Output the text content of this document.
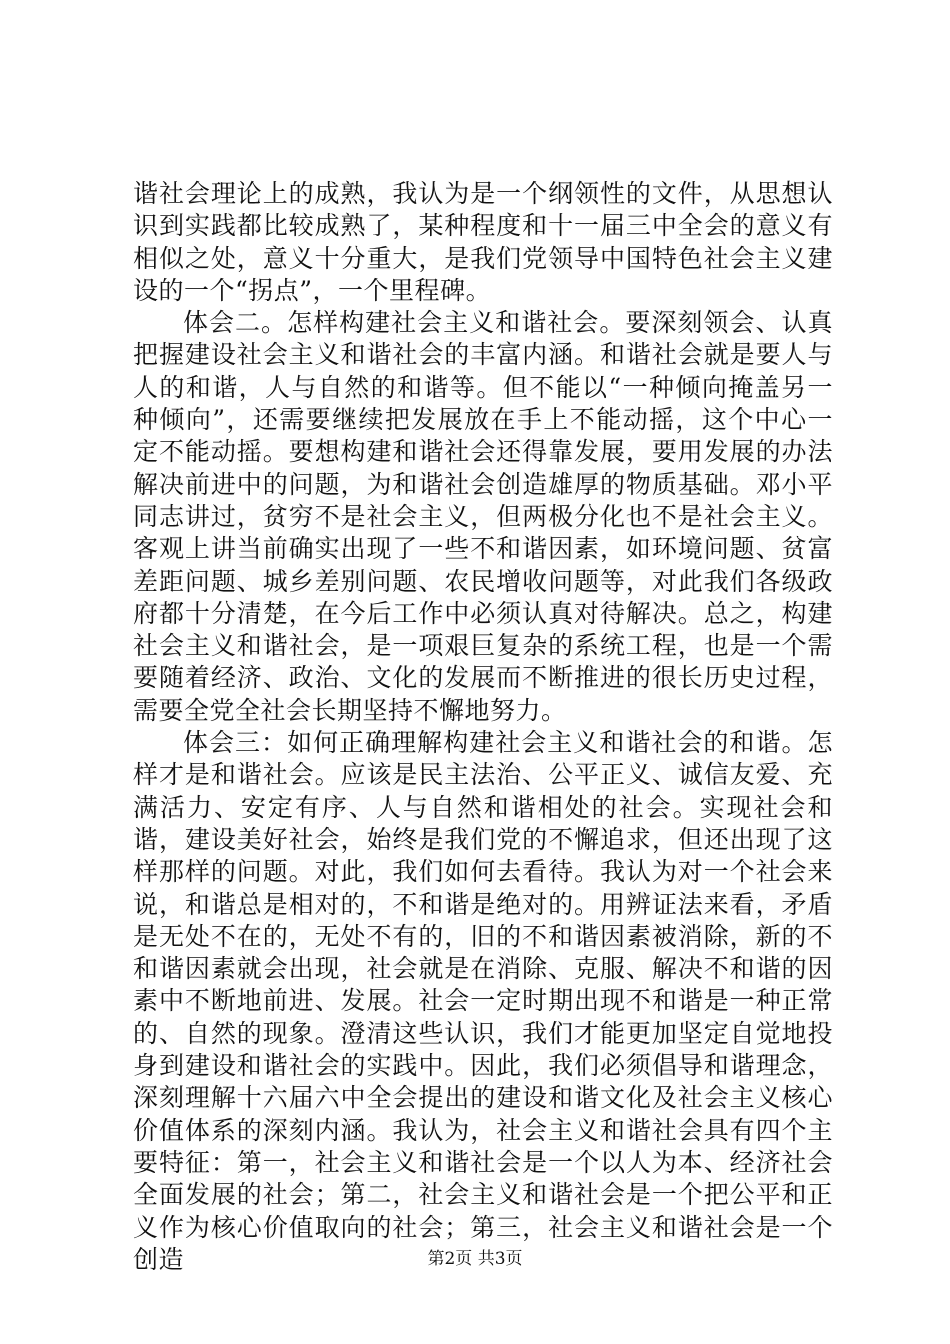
谐社会理论上的成熟，我认为是一个纲领性的文件，从思想认识到实践都比较成熟了，某种程度和十一届三中全会的意义有相似之处，意义十分重大，是我们党领导中国特色社会主义建设的一个“拐点”，一个里程碑。

体会二。怎样构建社会主义和谐社会。要深刻领会、认真把握建设社会主义和谐社会的丰富内涵。和谐社会就是要人与人的和谐，人与自然的和谐等。但不能以“一种倾向掩盖另一种倾向”，还需要继续把发展放在手上不能动摇，这个中心一定不能动摇。要想构建和谐社会还得靠发展，要用发展的办法解决前进中的问题，为和谐社会创造雄厚的物质基础。邓小平同志讲过，贫穷不是社会主义，但两极分化也不是社会主义。客观上讲当前确实出现了一些不和谐因素，如环境问题、贫富差距问题、城乡差别问题、农民增收问题等，对此我们各级政府都十分清楚，在今后工作中必须认真对待解决。总之，构建社会主义和谐社会，是一项艰巨复杂的系统工程，也是一个需要随着经济、政治、文化的发展而不断推进的很长历史过程，需要全党全社会长期坚持不懈地努力。

体会三：如何正确理解构建社会主义和谐社会的和谐。怎样才是和谐社会。应该是民主法治、公平正义、诚信友爱、充满活力、安定有序、人与自然和谐相处的社会。实现社会和谐，建设美好社会，始终是我们党的不懈追求，但还出现了这样那样的问题。对此，我们如何去看待。我认为对一个社会来说，和谐总是相对的，不和谐是绝对的。用辨证法来看，矛盾是无处不在的，无处不有的，旧的不和谐因素被消除，新的不和谐因素就会出现，社会就是在消除、克服、解决不和谐的因素中不断地前进、发展。社会一定时期出现不和谐是一种正常的、自然的现象。澄清这些认识，我们才能更加坚定自觉地投身到建设和谐社会的实践中。因此，我们必须倡导和谐理念，深刻理解十六届六中全会提出的建设和谐文化及社会主义核心价值体系的深刻内涵。我认为，社会主义和谐社会具有四个主要特征：第一，社会主义和谐社会是一个以人为本、经济社会全面发展的社会；第二，社会主义和谐社会是一个把公平和正义作为核心价值取向的社会；第三，社会主义和谐社会是一个创造	第2页 共3页
